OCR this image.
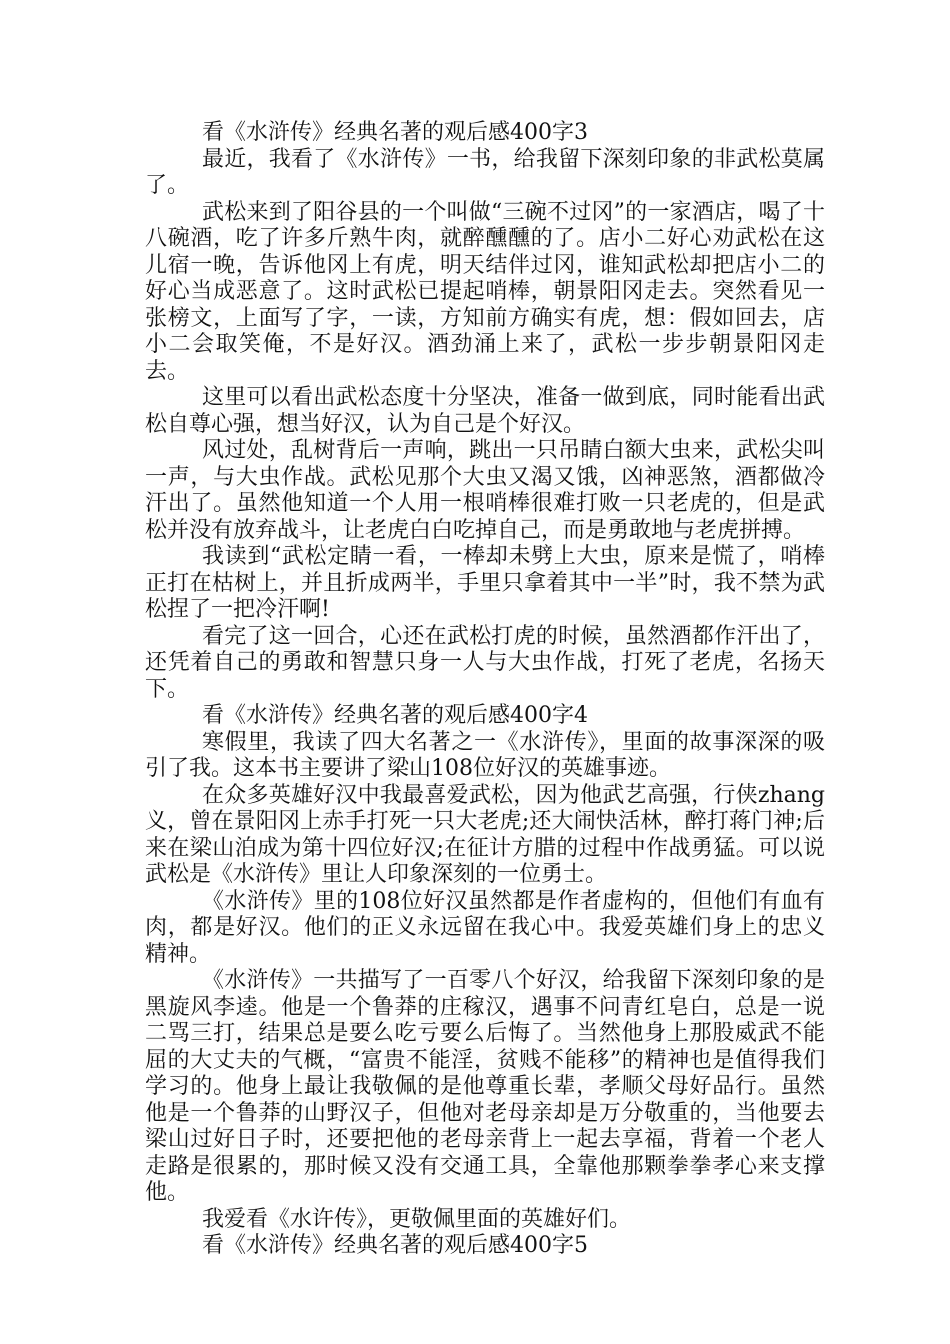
看《水浒传》经典名著的观后感400字3

最近，我看了《水浒传》一书，给我留下深刻印象的非武松莫属了。

武松来到了阳谷县的一个叫做“三碗不过冈”的一家酒店，喝了十八碗酒，吃了许多斤熟牛肉，就醉醺醺的了。店小二好心劝武松在这儿宿一晚，告诉他冈上有虎，明天结伴过冈，谁知武松却把店小二的好心当成恶意了。这时武松已提起哨棒，朝景阳冈走去。突然看见一张榜文，上面写了字，一读，方知前方确实有虎，想：假如回去，店小二会取笑俺，不是好汉。酒劲涌上来了，武松一步步朝景阳冈走去。

这里可以看出武松态度十分坚决，准备一做到底，同时能看出武松自尊心强，想当好汉，认为自己是个好汉。

风过处，乱树背后一声响，跳出一只吊睛白额大虫来，武松尖叫一声，与大虫作战。武松见那个大虫又渴又饿，凶神恶煞，酒都做冷汗出了。虽然他知道一个人用一根哨棒很难打败一只老虎的，但是武松并没有放弃战斗，让老虎白白吃掉自己，而是勇敢地与老虎拼搏。

我读到“武松定睛一看，一棒却未劈上大虫，原来是慌了，哨棒正打在枯树上，并且折成两半，手里只拿着其中一半”时，我不禁为武松捏了一把冷汗啊!

看完了这一回合，心还在武松打虎的时候，虽然酒都作汗出了，还凭着自己的勇敢和智慧只身一人与大虫作战，打死了老虎，名扬天下。

看《水浒传》经典名著的观后感400字4

寒假里，我读了四大名著之一《水浒传》，里面的故事深深的吸引了我。这本书主要讲了梁山108位好汉的英雄事迹。

在众多英雄好汉中我最喜爱武松，因为他武艺高强，行侠zhang义，曾在景阳冈上赤手打死一只大老虎;还大闹快活林，醉打蒋门神;后来在梁山泊成为第十四位好汉;在征计方腊的过程中作战勇猛。可以说武松是《水浒传》里让人印象深刻的一位勇士。

《水浒传》里的108位好汉虽然都是作者虚构的，但他们有血有肉，都是好汉。他们的正义永远留在我心中。我爱英雄们身上的忠义精神。

《水浒传》一共描写了一百零八个好汉，给我留下深刻印象的是黑旋风李逵。他是一个鲁莽的庄稼汉，遇事不问青红皂白，总是一说二骂三打，结果总是要么吃亏要么后悔了。当然他身上那股威武不能屈的大丈夫的气概，“富贵不能淫，贫贱不能移”的精神也是值得我们学习的。他身上最让我敬佩的是他尊重长辈，孝顺父母好品行。虽然他是一个鲁莽的山野汉子，但他对老母亲却是万分敬重的，当他要去梁山过好日子时，还要把他的老母亲背上一起去享福，背着一个老人走路是很累的，那时候又没有交通工具，全靠他那颗拳拳孝心来支撑他。

我爱看《水许传》，更敬佩里面的英雄好们。

看《水浒传》经典名著的观后感400字5
